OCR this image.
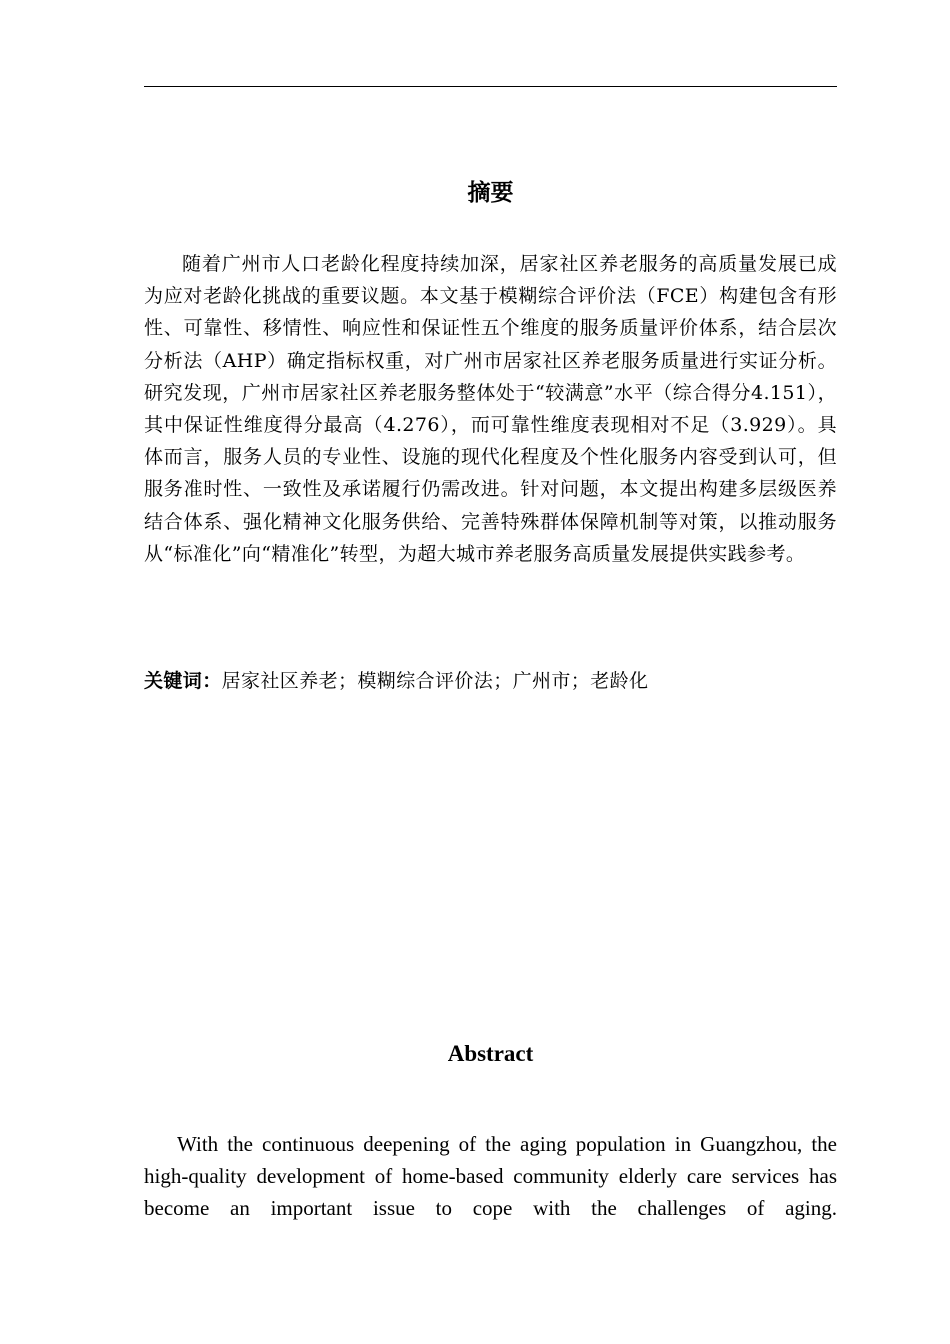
摘要

随着广州市人口老龄化程度持续加深，居家社区养老服务的高质量发展已成为应对老龄化挑战的重要议题。本文基于模糊综合评价法（FCE）构建包含有形性、可靠性、移情性、响应性和保证性五个维度的服务质量评价体系，结合层次分析法（AHP）确定指标权重，对广州市居家社区养老服务质量进行实证分析。研究发现，广州市居家社区养老服务整体处于“较满意”水平（综合得分4.151），其中保证性维度得分最高（4.276），而可靠性维度表现相对不足（3.929）。具体而言，服务人员的专业性、设施的现代化程度及个性化服务内容受到认可，但服务准时性、一致性及承诺履行仍需改进。针对问题，本文提出构建多层级医养结合体系、强化精神文化服务供给、完善特殊群体保障机制等对策，以推动服务从“标准化”向“精准化”转型，为超大城市养老服务高质量发展提供实践参考。

关键词：居家社区养老；模糊综合评价法；广州市；老龄化

Abstract

With the continuous deepening of the aging population in Guangzhou, the high-quality development of home-based community elderly care services has become an important issue to cope with the challenges of aging.
